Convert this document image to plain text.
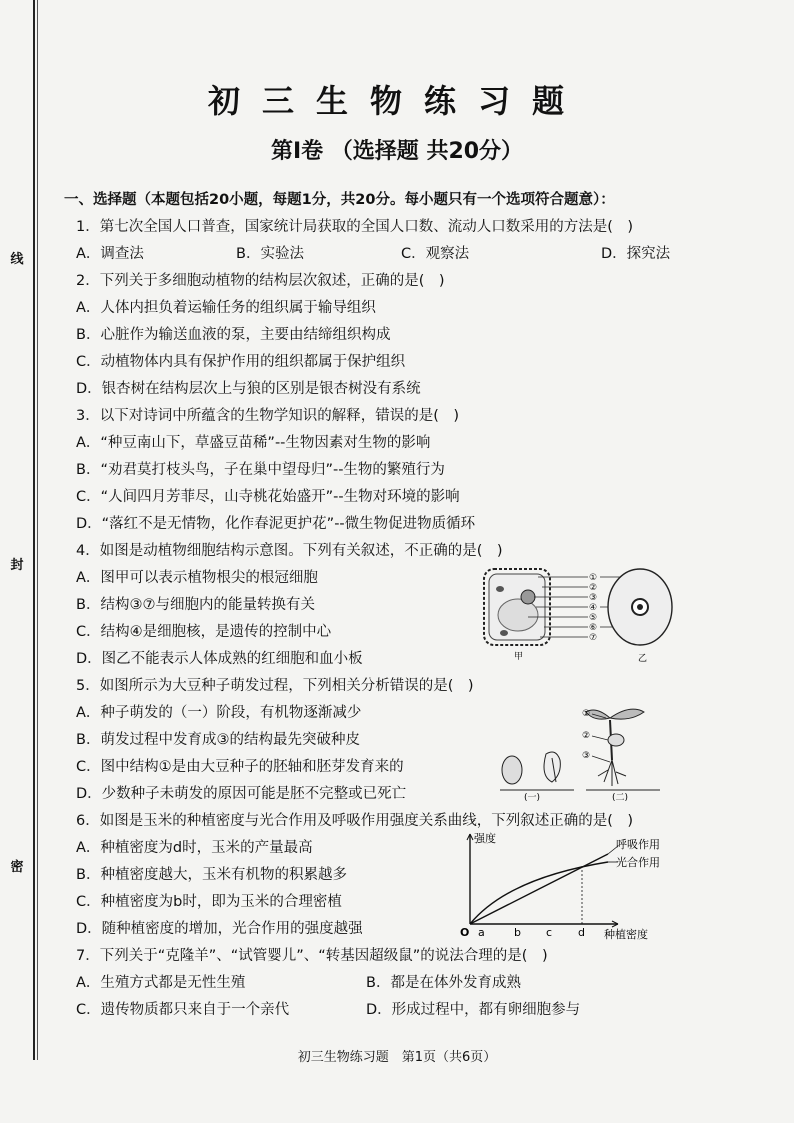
线
封
密
初三生物练习题
第Ⅰ卷 （选择题 共20分）
一、选择题（本题包括20小题，每题1分，共20分。每小题只有一个选项符合题意）：
1．第七次全国人口普查，国家统计局获取的全国人口数、流动人口数采用的方法是(　)
A．调查法	B．实验法	C．观察法	D．探究法
2．下列关于多细胞动植物的结构层次叙述，正确的是(　)
A．人体内担负着运输任务的组织属于输导组织
B．心脏作为输送血液的泵，主要由结缔组织构成
C．动植物体内具有保护作用的组织都属于保护组织
D．银杏树在结构层次上与狼的区别是银杏树没有系统
3．以下对诗词中所蕴含的生物学知识的解释，错误的是(　)
A．“种豆南山下，草盛豆苗稀”--生物因素对生物的影响
B．“劝君莫打枝头鸟，子在巢中望母归”--生物的繁殖行为
C．“人间四月芳菲尽，山寺桃花始盛开”--生物对环境的影响
D．“落红不是无情物，化作春泥更护花”--微生物促进物质循环
4．如图是动植物细胞结构示意图。下列有关叙述，不正确的是(　)
A．图甲可以表示植物根尖的根冠细胞
B．结构③⑦与细胞内的能量转换有关
C．结构④是细胞核，是遗传的控制中心
D．图乙不能表示人体成熟的红细胞和血小板
5．如图所示为大豆种子萌发过程，下列相关分析错误的是(　)
A．种子萌发的（一）阶段，有机物逐渐减少
B．萌发过程中发育成③的结构最先突破种皮
C．图中结构①是由大豆种子的胚轴和胚芽发育来的
D．少数种子未萌发的原因可能是胚不完整或已死亡
6．如图是玉米的种植密度与光合作用及呼吸作用强度关系曲线，下列叙述正确的是(　)
A．种植密度为d时，玉米的产量最高
B．种植密度越大，玉米有机物的积累越多
C．种植密度为b时，即为玉米的合理密植
D．随种植密度的增加，光合作用的强度越强
7．下列关于“克隆羊”、“试管婴儿”、“转基因超级鼠”的说法合理的是(　)
A．生殖方式都是无性生殖	B．都是在体外发育成熟
C．遗传物质都只来自于一个亲代	D．形成过程中，都有卵细胞参与
①
②
③
④
⑤
⑥
⑦
甲	乙
①
②
③
(一)	(二)
强度	呼吸作用
光合作用
O a	b c d 种植密度
初三生物练习题　第1页（共6页）
